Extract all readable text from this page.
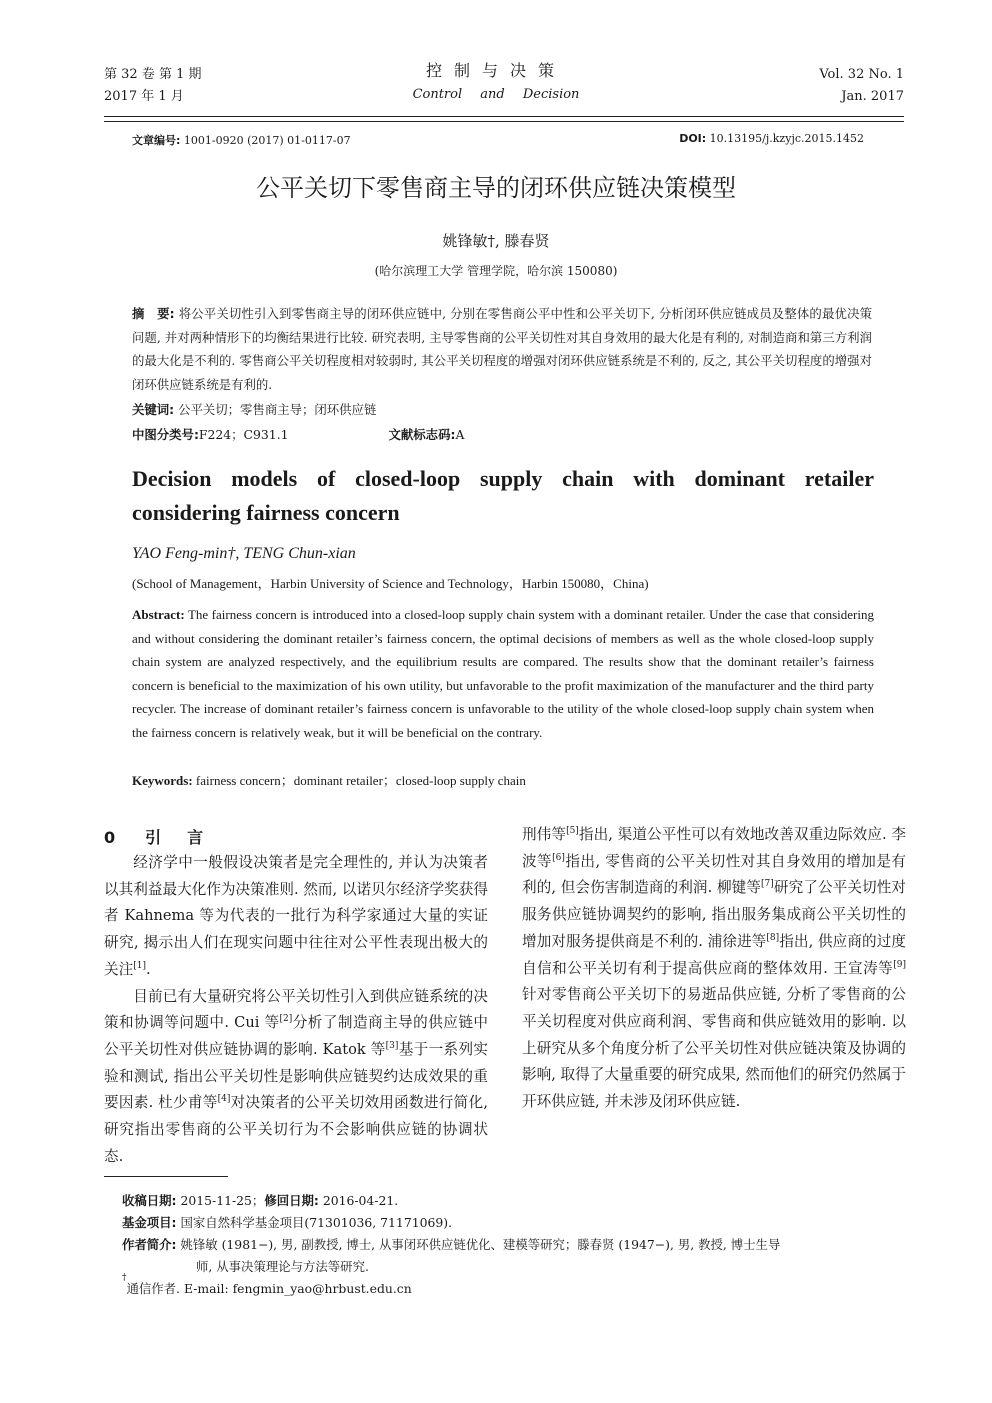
第 32 卷 第 1 期
2017 年 1 月
控制与决策
Control and Decision
Vol. 32 No. 1
Jan. 2017
文章编号: 1001-0920 (2017) 01-0117-07	DOI: 10.13195/j.kzyjc.2015.1452
公平关切下零售商主导的闭环供应链决策模型
姚锋敏†, 滕春贤
(哈尔滨理工大学 管理学院，哈尔滨 150080)
摘　要: 将公平关切性引入到零售商主导的闭环供应链中, 分别在零售商公平中性和公平关切下, 分析闭环供应链成员及整体的最优决策问题, 并对两种情形下的均衡结果进行比较. 研究表明, 主导零售商的公平关切性对其自身效用的最大化是有利的, 对制造商和第三方利润的最大化是不利的. 零售商公平关切程度相对较弱时, 其公平关切程度的增强对闭环供应链系统是不利的, 反之, 其公平关切程度的增强对闭环供应链系统是有利的.
关键词: 公平关切；零售商主导；闭环供应链
中图分类号:F224；C931.1	文献标志码:A
Decision models of closed-loop supply chain with dominant retailer
considering fairness concern
YAO Feng-min†, TENG Chun-xian
(School of Management，Harbin University of Science and Technology，Harbin 150080，China)
Abstract: The fairness concern is introduced into a closed-loop supply chain system with a dominant retailer. Under the case that considering and without considering the dominant retailer’s fairness concern, the optimal decisions of members as well as the whole closed-loop supply chain system are analyzed respectively, and the equilibrium results are compared. The results show that the dominant retailer’s fairness concern is beneficial to the maximization of his own utility, but unfavorable to the profit maximization of the manufacturer and the third party recycler. The increase of dominant retailer’s fairness concern is unfavorable to the utility of the whole closed-loop supply chain system when the fairness concern is relatively weak, but it will be beneficial on the contrary.
Keywords: fairness concern；dominant retailer；closed-loop supply chain
0 引言

经济学中一般假设决策者是完全理性的, 并认为决策者以其利益最大化作为决策准则. 然而, 以诺贝尔经济学奖获得者 Kahnema 等为代表的一批行为科学家通过大量的实证研究, 揭示出人们在现实问题中往往对公平性表现出极大的关注[1].

目前已有大量研究将公平关切性引入到供应链系统的决策和协调等问题中. Cui 等[2]分析了制造商主导的供应链中公平关切性对供应链协调的影响. Katok 等[3]基于一系列实验和测试, 指出公平关切性是影响供应链契约达成效果的重要因素. 杜少甫等[4]对决策者的公平关切效用函数进行简化, 研究指出零售商的公平关切行为不会影响供应链的协调状态.

刑伟等[5]指出, 渠道公平性可以有效地改善双重边际效应. 李波等[6]指出, 零售商的公平关切性对其自身效用的增加是有利的, 但会伤害制造商的利润. 柳键等[7]研究了公平关切性对服务供应链协调契约的影响, 指出服务集成商公平关切性的增加对服务提供商是不利的. 浦徐进等[8]指出, 供应商的过度自信和公平关切有利于提高供应商的整体效用. 王宣涛等[9]针对零售商公平关切下的易逝品供应链, 分析了零售商的公平关切程度对供应商利润、零售商和供应链效用的影响. 以上研究从多个角度分析了公平关切性对供应链决策及协调的影响, 取得了大量重要的研究成果, 然而他们的研究仍然属于开环供应链, 并未涉及闭环供应链.

收稿日期:
2015-11-25； 修回日期:
2016-04-21.
基金项目:
国家自然科学基金项目(71301036, 71171069).
作者简介:
姚锋敏 (1981−), 男, 副教授, 博士, 从事闭环供应链优化、建模等研究；滕春贤 (1947−), 男, 教授, 博士生导
师, 从事决策理论与方法等研究.
†
通信作者. E-mail: fengmin_yao@hrbust.edu.cn
